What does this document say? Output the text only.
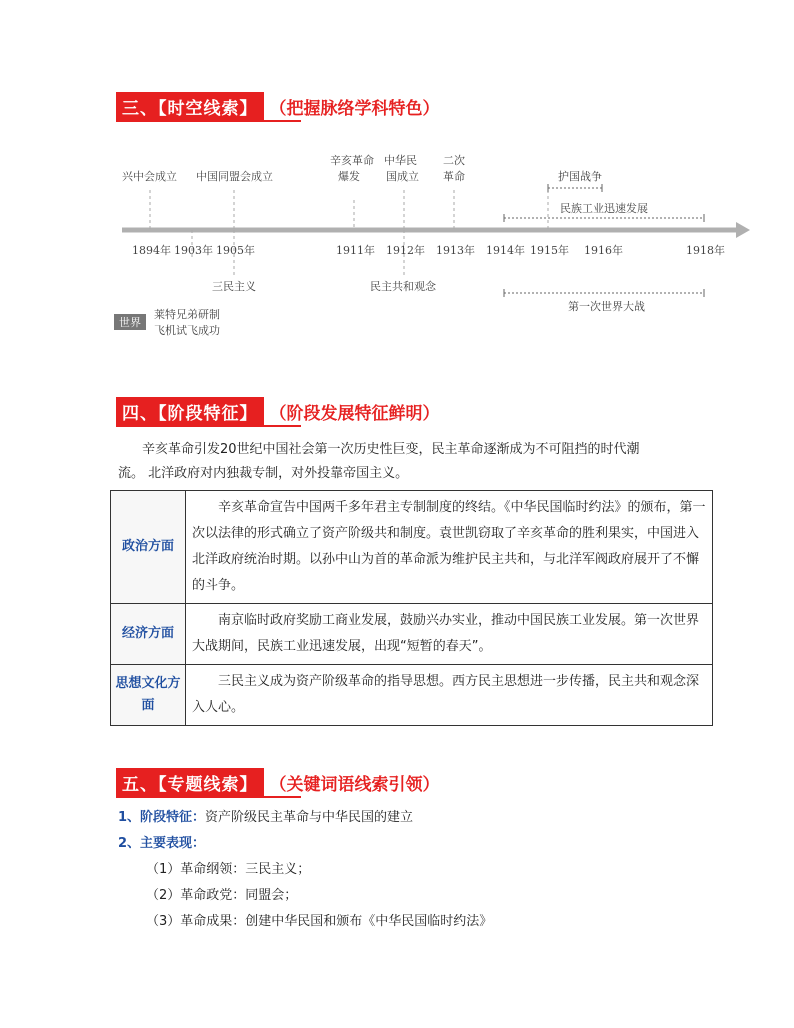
三、【时空线索】 （把握脉络学科特色）
兴中会成立 中国同盟会成立
辛亥革命
爆发
中华民
国成立
二次
革命	护国战争
民族工业迅速发展
1894年 1903年 1905年	1911年 1912年 1913年 1914年 1915年 1916年	1918年
三民主义	民主共和观念
第一次世界大战
世界
莱特兄弟研制
飞机试飞成功
四、【阶段特征】 （阶段发展特征鲜明）
辛亥革命引发20世纪中国社会第一次历史性巨变，民主革命逐渐成为不可阻挡的时代潮
流。 北洋政府对内独裁专制，对外投靠帝国主义。
政治方面	辛亥革命宣告中国两千多年君主专制制度的终结。《中华民国临时约法》的颁布，第一次以法律的形式确立了资产阶级共和制度。袁世凯窃取了辛亥革命的胜利果实，中国进入北洋政府统治时期。以孙中山为首的革命派为维护民主共和，与北洋军阀政府展开了不懈的斗争。
经济方面	南京临时政府奖励工商业发展，鼓励兴办实业，推动中国民族工业发展。第一次世界大战期间，民族工业迅速发展，出现“短暂的春天”。
思想文化方面	三民主义成为资产阶级革命的指导思想。西方民主思想进一步传播，民主共和观念深入人心。
五、【专题线索】 （关键词语线索引领）
1、阶段特征：资产阶级民主革命与中华民国的建立
2、主要表现：
（1）革命纲领：三民主义；
（2）革命政党：同盟会；
（3）革命成果：创建中华民国和颁布《中华民国临时约法》
